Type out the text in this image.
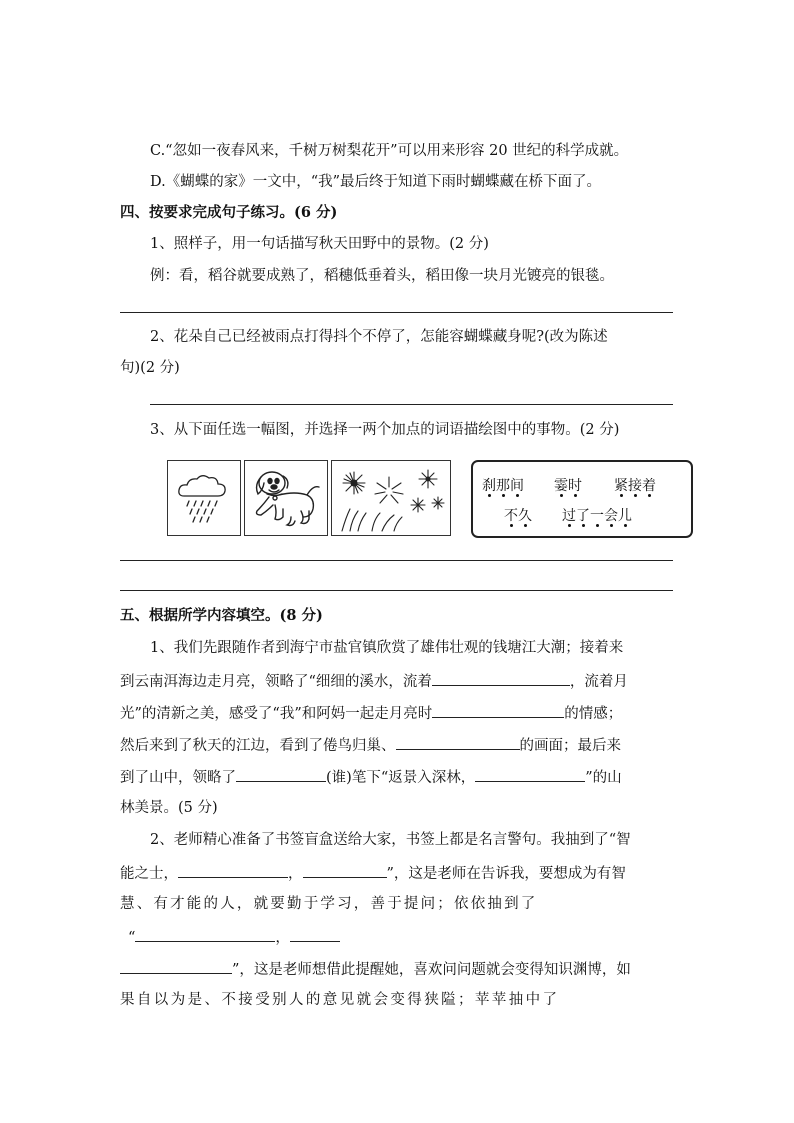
C.“忽如一夜春风来，千树万树梨花开”可以用来形容 20 世纪的科学成就。
D.《蝴蝶的家》一文中，“我”最后终于知道下雨时蝴蝶藏在桥下面了。
四、按要求完成句子练习。(6 分)
1、照样子，用一句话描写秋天田野中的景物。(2 分)
例：看，稻谷就要成熟了，稻穗低垂着头，稻田像一块月光镀亮的银毯。
2、花朵自己已经被雨点打得抖个不停了，怎能容蝴蝶藏身呢?(改为陈述
句)(2 分)
3、从下面任选一幅图，并选择一两个加点的词语描绘图中的事物。(2 分)
刹那间 霎时 紧接着
不久 过了一会儿
五、根据所学内容填空。(8 分)
1、我们先跟随作者到海宁市盐官镇欣赏了雄伟壮观的钱塘江大潮；接着来
到云南洱海边走月亮，领略了“细细的溪水，流着	，流着月
光”的清新之美，感受了“我”和阿妈一起走月亮时	的情感；
然后来到了秋天的江边，看到了倦鸟归巢、	的画面；最后来
到了山中，领略了	(谁)笔下“返景入深林，	”的山
林美景。(5 分)
2、老师精心准备了书签盲盒送给大家，书签上都是名言警句。我抽到了“智
能之士，	，	”，这是老师在告诉我，要想成为有智
慧、有才能的人，就要勤于学习，善于提问；依依抽到了
“	，
”，这是老师想借此提醒她，喜欢问问题就会变得知识渊博，如
果自以为是、不接受别人的意见就会变得狭隘；苹苹抽中了
